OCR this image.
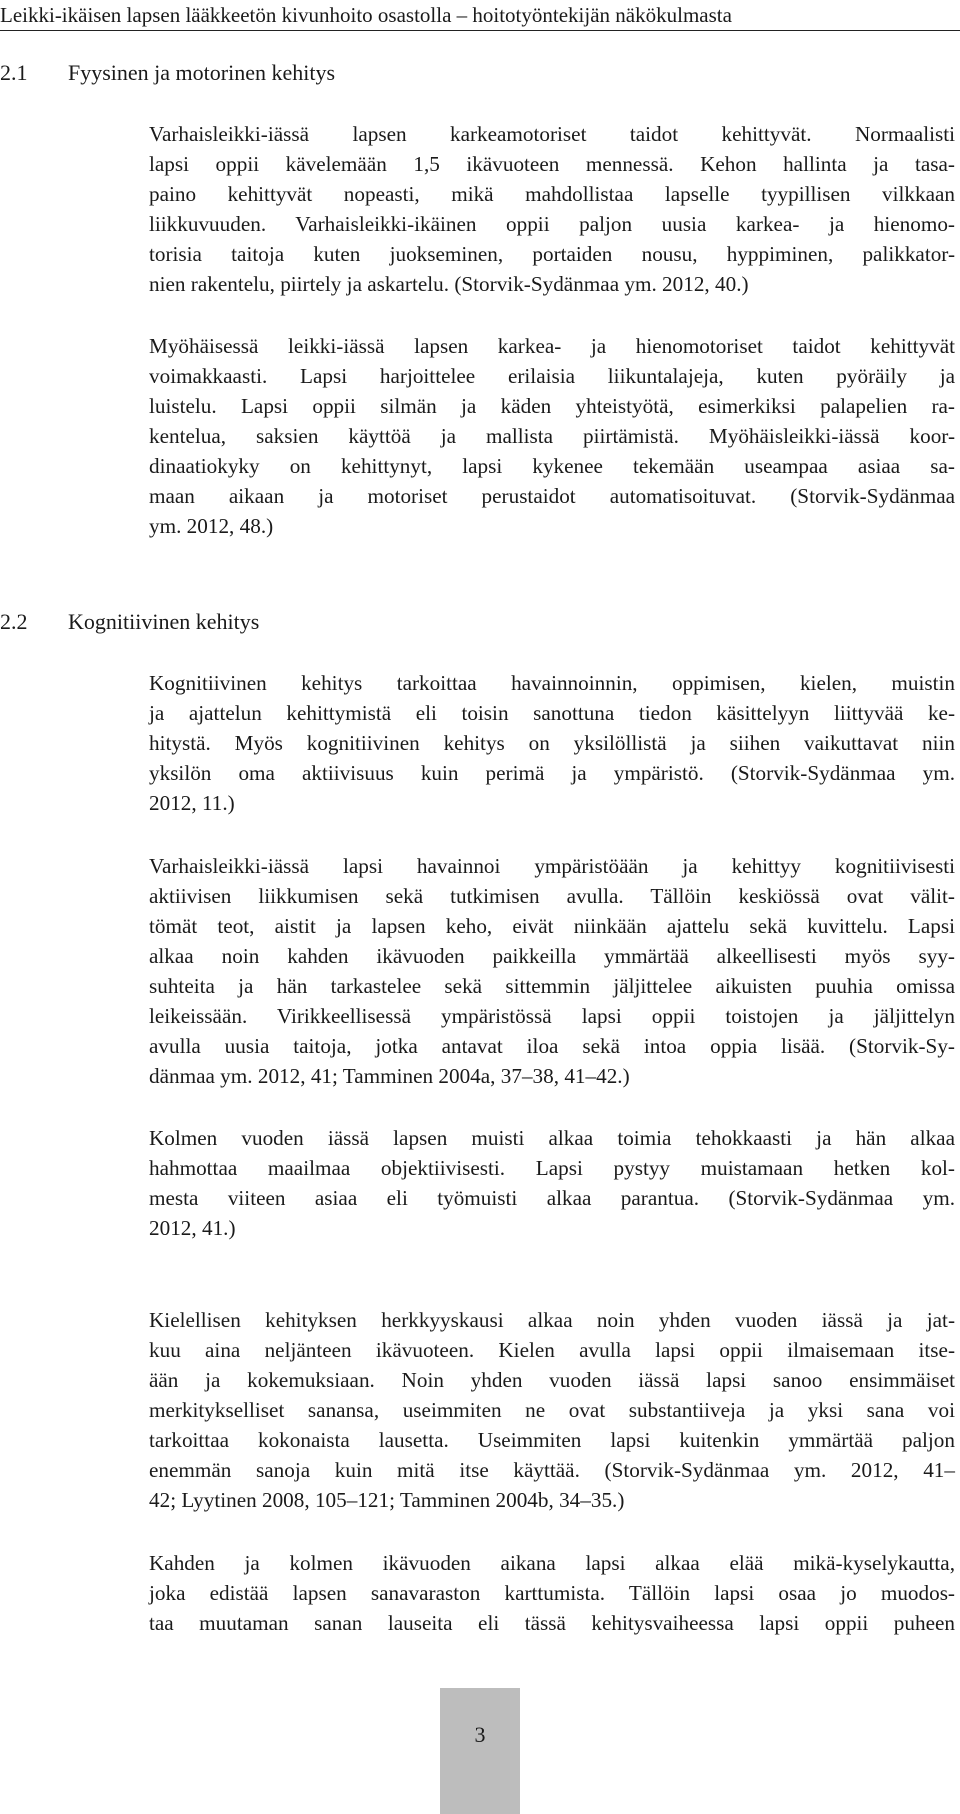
Leikki-ikäisen lapsen lääkkeetön kivunhoito osastolla – hoitotyöntekijän näkökulmasta
2.1 Fyysinen ja motorinen kehitys
Varhaisleikki-iässä lapsen karkeamotoriset taidot kehittyvät. Normaalisti
lapsi oppii kävelemään 1,5 ikävuoteen mennessä. Kehon hallinta ja tasa-
paino kehittyvät nopeasti, mikä mahdollistaa lapselle tyypillisen vilkkaan
liikkuvuuden. Varhaisleikki-ikäinen oppii paljon uusia karkea- ja hienomo-
torisia taitoja kuten juokseminen, portaiden nousu, hyppiminen, palikkator-
nien rakentelu, piirtely ja askartelu. (Storvik-Sydänmaa ym. 2012, 40.)
Myöhäisessä leikki-iässä lapsen karkea- ja hienomotoriset taidot kehittyvät
voimakkaasti. Lapsi harjoittelee erilaisia liikuntalajeja, kuten pyöräily ja
luistelu. Lapsi oppii silmän ja käden yhteistyötä, esimerkiksi palapelien ra-
kentelua, saksien käyttöä ja mallista piirtämistä. Myöhäisleikki-iässä koor-
dinaatiokyky on kehittynyt, lapsi kykenee tekemään useampaa asiaa sa-
maan aikaan ja motoriset perustaidot automatisoituvat. (Storvik-Sydänmaa
ym. 2012, 48.)
2.2 Kognitiivinen kehitys
Kognitiivinen kehitys tarkoittaa havainnoinnin, oppimisen, kielen, muistin
ja ajattelun kehittymistä eli toisin sanottuna tiedon käsittelyyn liittyvää ke-
hitystä. Myös kognitiivinen kehitys on yksilöllistä ja siihen vaikuttavat niin
yksilön oma aktiivisuus kuin perimä ja ympäristö. (Storvik-Sydänmaa ym.
2012, 11.)
Varhaisleikki-iässä lapsi havainnoi ympäristöään ja kehittyy kognitiivisesti
aktiivisen liikkumisen sekä tutkimisen avulla. Tällöin keskiössä ovat välit-
tömät teot, aistit ja lapsen keho, eivät niinkään ajattelu sekä kuvittelu. Lapsi
alkaa noin kahden ikävuoden paikkeilla ymmärtää alkeellisesti myös syy-
suhteita ja hän tarkastelee sekä sittemmin jäljittelee aikuisten puuhia omissa
leikeissään. Virikkeellisessä ympäristössä lapsi oppii toistojen ja jäljittelyn
avulla uusia taitoja, jotka antavat iloa sekä intoa oppia lisää. (Storvik-Sy-
dänmaa ym. 2012, 41; Tamminen 2004a, 37–38, 41–42.)
Kolmen vuoden iässä lapsen muisti alkaa toimia tehokkaasti ja hän alkaa
hahmottaa maailmaa objektiivisesti. Lapsi pystyy muistamaan hetken kol-
mesta viiteen asiaa eli työmuisti alkaa parantua. (Storvik-Sydänmaa ym.
2012, 41.)
Kielellisen kehityksen herkkyyskausi alkaa noin yhden vuoden iässä ja jat-
kuu aina neljänteen ikävuoteen. Kielen avulla lapsi oppii ilmaisemaan itse-
ään ja kokemuksiaan. Noin yhden vuoden iässä lapsi sanoo ensimmäiset
merkitykselliset sanansa, useimmiten ne ovat substantiiveja ja yksi sana voi
tarkoittaa kokonaista lausetta. Useimmiten lapsi kuitenkin ymmärtää paljon
enemmän sanoja kuin mitä itse käyttää. (Storvik-Sydänmaa ym. 2012, 41–
42; Lyytinen 2008, 105–121; Tamminen 2004b, 34–35.)
Kahden ja kolmen ikävuoden aikana lapsi alkaa elää mikä-kyselykautta,
joka edistää lapsen sanavaraston karttumista. Tällöin lapsi osaa jo muodos-
taa muutaman sanan lauseita eli tässä kehitysvaiheessa lapsi oppii puheen
3
